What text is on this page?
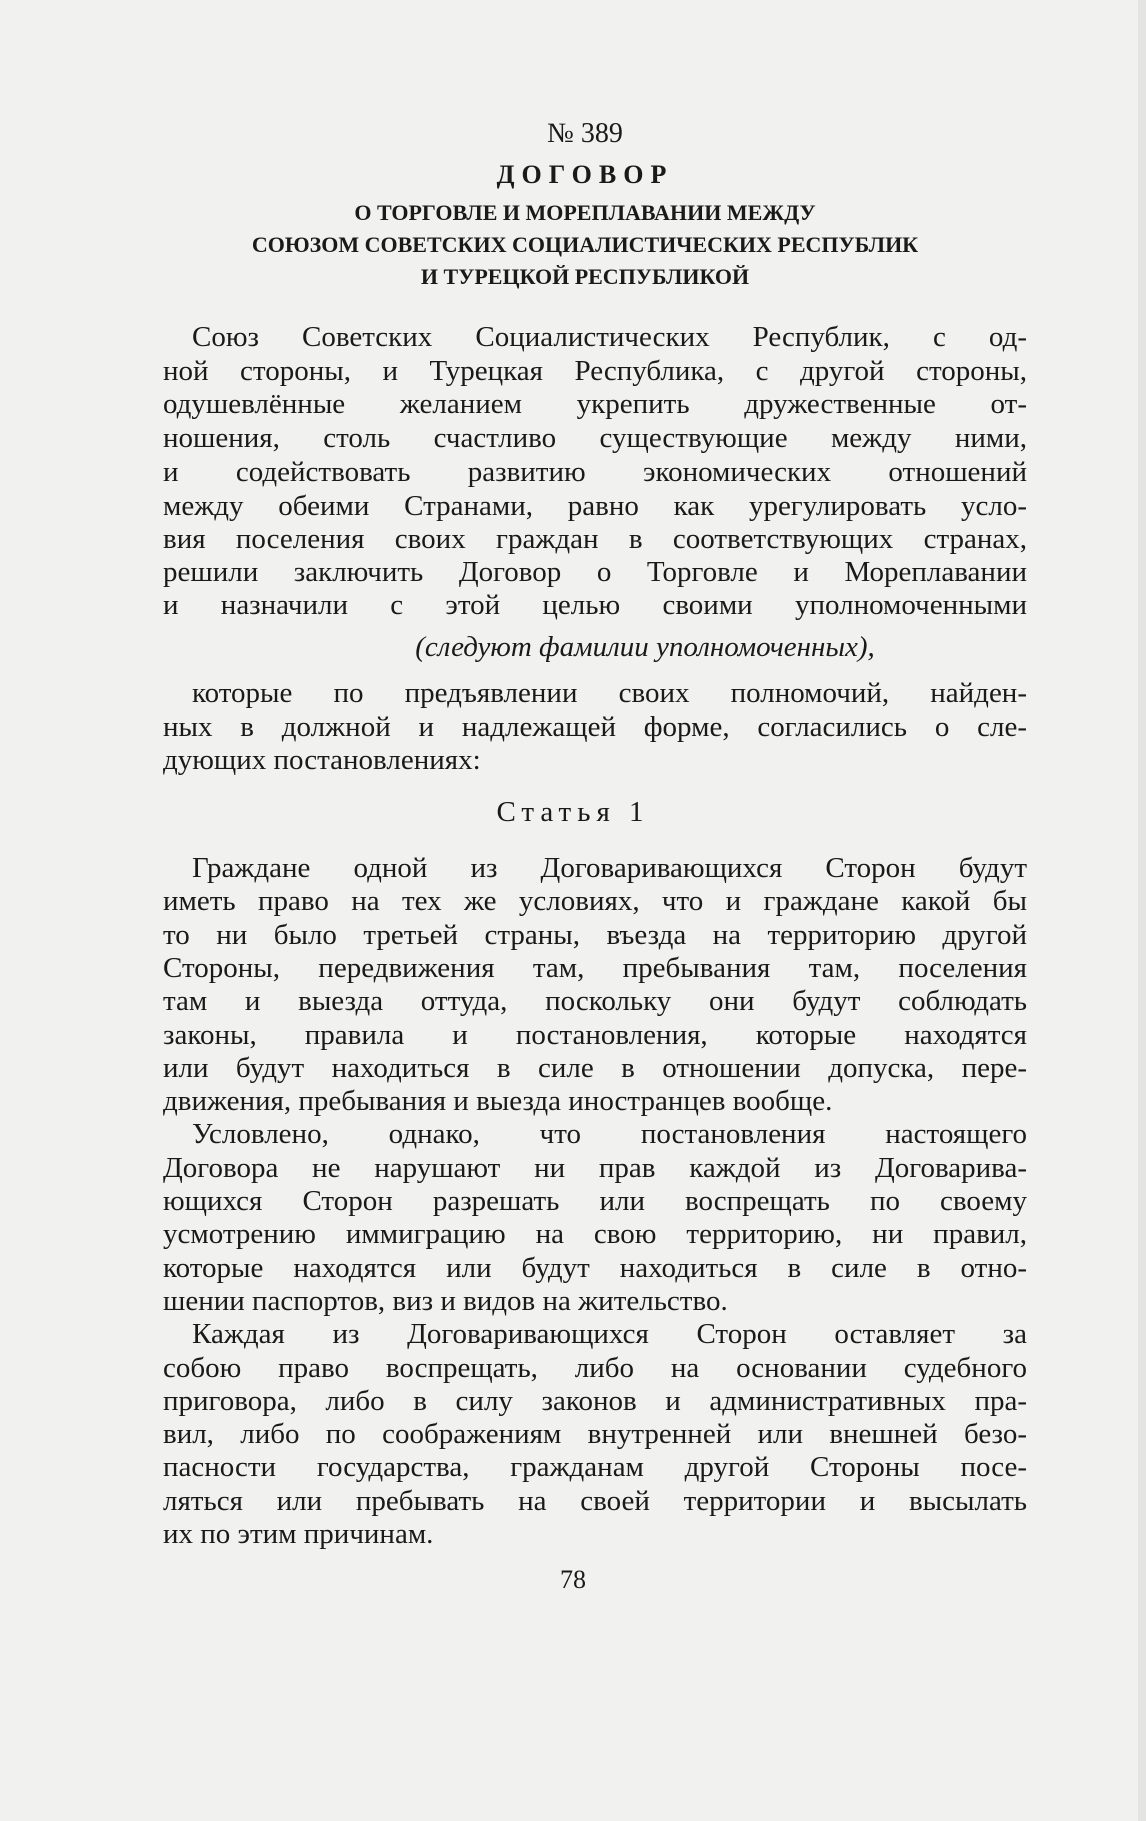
№ 389
ДОГОВОР
О ТОРГОВЛЕ И МОРЕПЛАВАНИИ МЕЖДУ
СОЮЗОМ СОВЕТСКИХ СОЦИАЛИСТИЧЕСКИХ РЕСПУБЛИК
И ТУРЕЦКОЙ РЕСПУБЛИКОЙ
Союз Советских Социалистических Республик, с од-
ной стороны, и Турецкая Республика, с другой стороны,
одушевлённые желанием укрепить дружественные от-
ношения, столь счастливо существующие между ними,
и содействовать развитию экономических отношений
между обеими Странами, равно как урегулировать усло-
вия поселения своих граждан в соответствующих странах,
решили заключить Договор о Торговле и Мореплавании
и назначили с этой целью своими уполномоченными
(следуют фамилии уполномоченных),
которые по предъявлении своих полномочий, найден-
ных в должной и надлежащей форме, согласились о сле-
дующих постановлениях:
Статья 1
Граждане одной из Договаривающихся Сторон будут
иметь право на тех же условиях, что и граждане какой бы
то ни было третьей страны, въезда на территорию другой
Стороны, передвижения там, пребывания там, поселения
там и выезда оттуда, поскольку они будут соблюдать
законы, правила и постановления, которые находятся
или будут находиться в силе в отношении допуска, пере-
движения, пребывания и выезда иностранцев вообще.
Условлено, однако, что постановления настоящего
Договора не нарушают ни прав каждой из Договарива-
ющихся Сторон разрешать или воспрещать по своему
усмотрению иммиграцию на свою территорию, ни правил,
которые находятся или будут находиться в силе в отно-
шении паспортов, виз и видов на жительство.
Каждая из Договаривающихся Сторон оставляет за
собою право воспрещать, либо на основании судебного
приговора, либо в силу законов и административных пра-
вил, либо по соображениям внутренней или внешней безо-
пасности государства, гражданам другой Стороны посе-
ляться или пребывать на своей территории и высылать
их по этим причинам.
78
